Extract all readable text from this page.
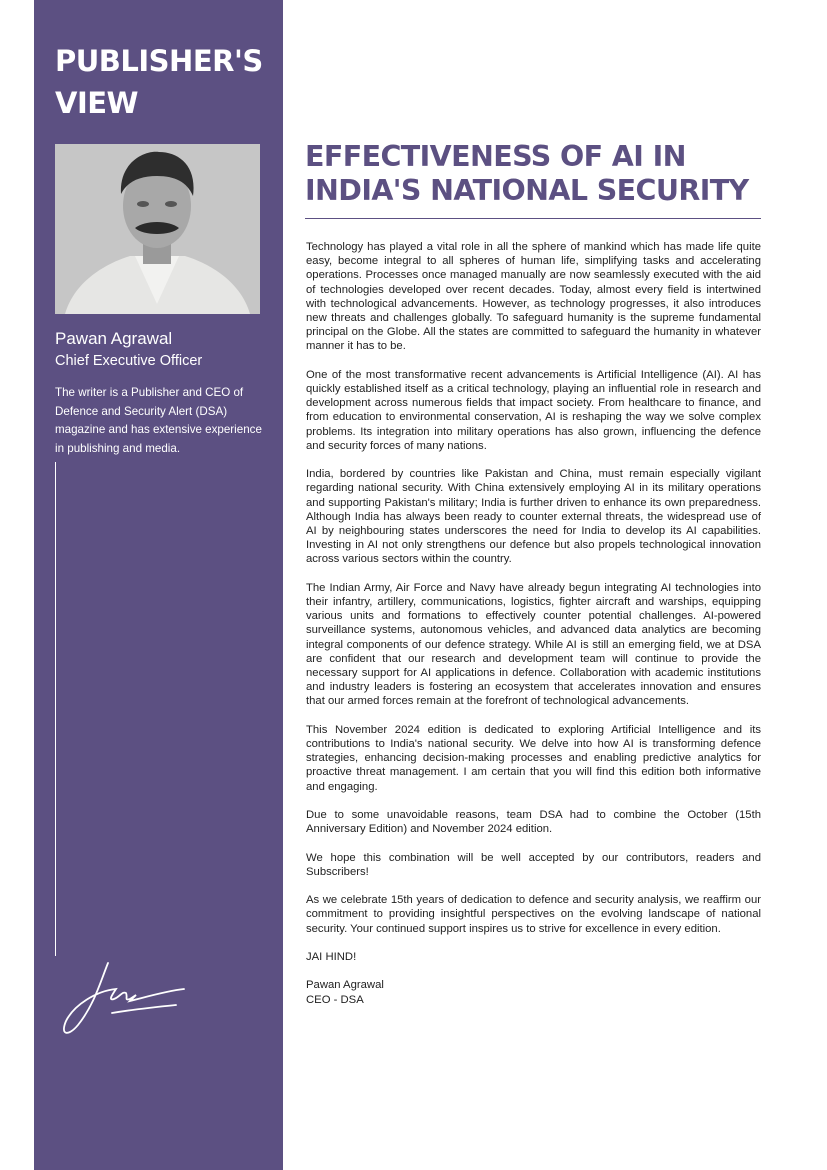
PUBLISHER'S
VIEW
Pawan Agrawal

Chief Executive Officer

The writer is a Publisher and CEO of Defence and Security Alert (DSA) magazine and has extensive experience in publishing and media.

EFFECTIVENESS OF AI IN
INDIA'S NATIONAL SECURITY

Technology has played a vital role in all the sphere of mankind which has made life quite easy, become integral to all spheres of human life, simplifying tasks and accelerating operations. Processes once managed manually are now seamlessly executed with the aid of technologies developed over recent decades. Today, almost every field is intertwined with technological advancements. However, as technology progresses, it also introduces new threats and challenges globally. To safeguard humanity is the supreme fundamental principal on the Globe. All the states are committed to safeguard the humanity in whatever manner it has to be.

One of the most transformative recent advancements is Artificial Intelligence (AI). AI has quickly established itself as a critical technology, playing an influential role in research and development across numerous fields that impact society. From healthcare to finance, and from education to environmental conservation, AI is reshaping the way we solve complex problems. Its integration into military operations has also grown, influencing the defence and security forces of many nations.

India, bordered by countries like Pakistan and China, must remain especially vigilant regarding national security. With China extensively employing AI in its military operations and supporting Pakistan's military; India is further driven to enhance its own preparedness. Although India has always been ready to counter external threats, the widespread use of AI by neighbouring states underscores the need for India to develop its AI capabilities. Investing in AI not only strengthens our defence but also propels technological innovation across various sectors within the country.

The Indian Army, Air Force and Navy have already begun integrating AI technologies into their infantry, artillery, communications, logistics, fighter aircraft and warships, equipping various units and formations to effectively counter potential challenges. AI-powered surveillance systems, autonomous vehicles, and advanced data analytics are becoming integral components of our defence strategy. While AI is still an emerging field, we at DSA are confident that our research and development team will continue to provide the necessary support for AI applications in defence. Collaboration with academic institutions and industry leaders is fostering an ecosystem that accelerates innovation and ensures that our armed forces remain at the forefront of technological advancements.

This November 2024 edition is dedicated to exploring Artificial Intelligence and its contributions to India's national security. We delve into how AI is transforming defence strategies, enhancing decision-making processes and enabling predictive analytics for proactive threat management. I am certain that you will find this edition both informative and engaging.

Due to some unavoidable reasons, team DSA had to combine the October (15th Anniversary Edition) and November 2024 edition.

We hope this combination will be well accepted by our contributors, readers and Subscribers!

As we celebrate 15th years of dedication to defence and security analysis, we reaffirm our commitment to providing insightful perspectives on the evolving landscape of national security. Your continued support inspires us to strive for excellence in every edition.

JAI HIND!

Pawan Agrawal
CEO - DSA
